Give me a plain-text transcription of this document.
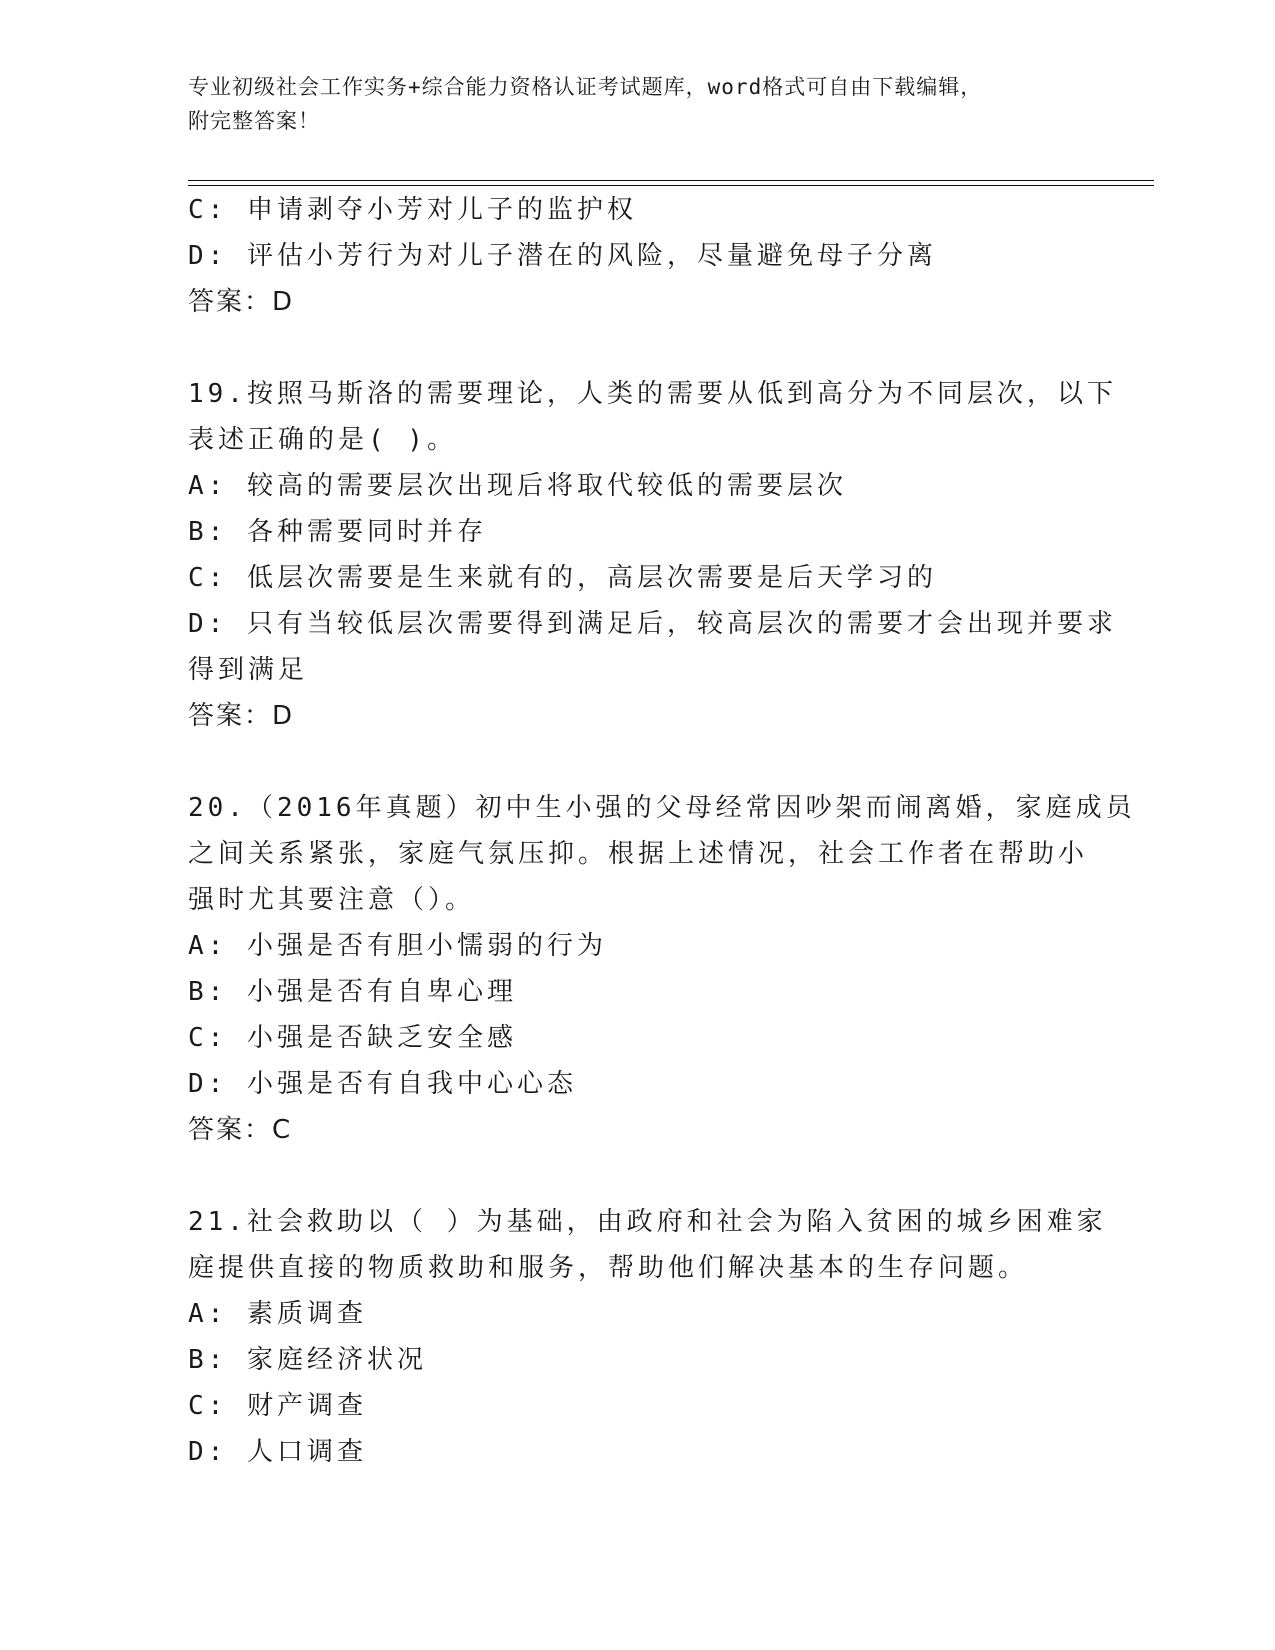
专业初级社会工作实务+综合能力资格认证考试题库，word格式可自由下载编辑，
附完整答案！
C: 申请剥夺小芳对儿子的监护权
D: 评估小芳行为对儿子潜在的风险，尽量避免母子分离
答案：D
19.按照马斯洛的需要理论，人类的需要从低到高分为不同层次，以下
表述正确的是( )。
A: 较高的需要层次出现后将取代较低的需要层次
B: 各种需要同时并存
C: 低层次需要是生来就有的，高层次需要是后天学习的
D: 只有当较低层次需要得到满足后，较高层次的需要才会出现并要求
得到满足
答案：D
20.（2016年真题）初中生小强的父母经常因吵架而闹离婚，家庭成员
之间关系紧张，家庭气氛压抑。根据上述情况，社会工作者在帮助小
强时尤其要注意（）。
A: 小强是否有胆小懦弱的行为
B: 小强是否有自卑心理
C: 小强是否缺乏安全感
D: 小强是否有自我中心心态
答案：C
21.社会救助以（ ）为基础，由政府和社会为陷入贫困的城乡困难家
庭提供直接的物质救助和服务，帮助他们解决基本的生存问题。
A: 素质调查
B: 家庭经济状况
C: 财产调查
D: 人口调查
